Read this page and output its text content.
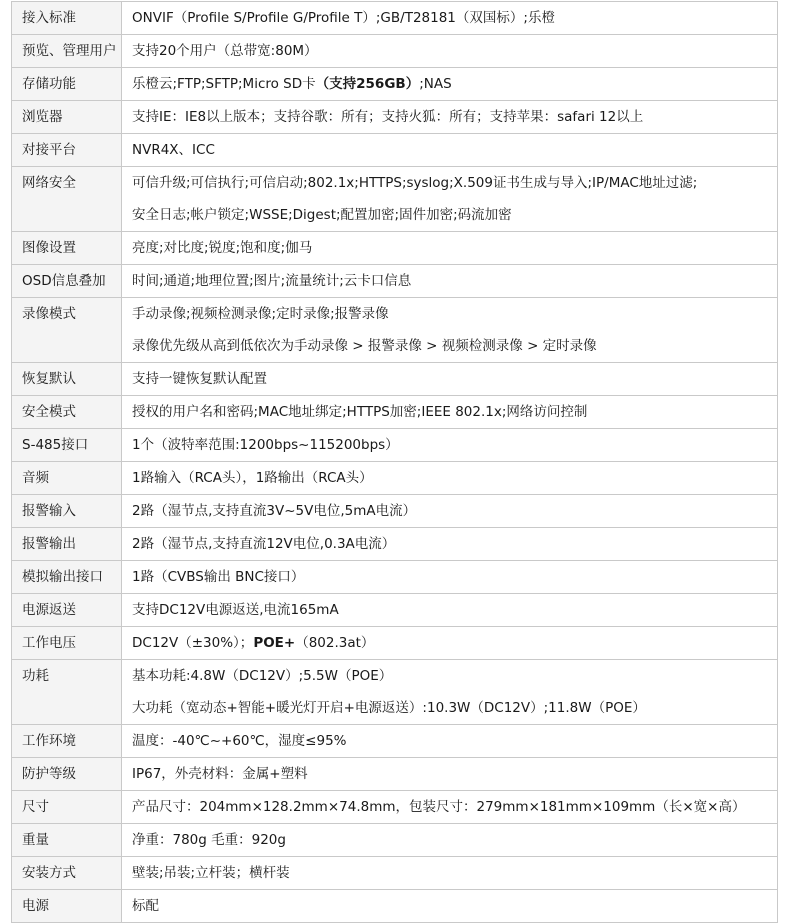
接入标准	ONVIF（Profile S/Profile G/Profile T）;GB/T28181（双国标）;乐橙

预览、管理用户	支持20个用户（总带宽:80M）

存储功能	乐橙云;FTP;SFTP;Micro SD卡（支持256GB）;NAS

浏览器	支持IE：IE8以上版本；支持谷歌：所有；支持火狐：所有；支持苹果：safari 12以上

对接平台	NVR4X、ICC

网络安全	可信升级;可信执行;可信启动;802.1x;HTTPS;syslog;X.509证书生成与导入;IP/MAC地址过滤;
安全日志;帐户锁定;WSSE;Digest;配置加密;固件加密;码流加密

图像设置	亮度;对比度;锐度;饱和度;伽马

OSD信息叠加	时间;通道;地理位置;图片;流量统计;云卡口信息

录像模式	手动录像;视频检测录像;定时录像;报警录像
录像优先级从高到低依次为手动录像 > 报警录像 > 视频检测录像 > 定时录像

恢复默认	支持一键恢复默认配置

安全模式	授权的用户名和密码;MAC地址绑定;HTTPS加密;IEEE 802.1x;网络访问控制

S-485接口	1个（波特率范围:1200bps~115200bps）

音频	1路输入（RCA头），1路输出（RCA头）

报警输入	2路（湿节点,支持直流3V~5V电位,5mA电流）

报警输出	2路（湿节点,支持直流12V电位,0.3A电流）

模拟输出接口	1路（CVBS输出 BNC接口）

电源返送	支持DC12V电源返送,电流165mA

工作电压	DC12V（±30%）；POE+（802.3at）

功耗	基本功耗:4.8W（DC12V）;5.5W（POE）
大功耗（宽动态+智能+暖光灯开启+电源返送）:10.3W（DC12V）;11.8W（POE）

工作环境	温度：-40℃~+60℃，湿度≤95%

防护等级	IP67，外壳材料：金属+塑料

尺寸	产品尺寸：204mm×128.2mm×74.8mm，包装尺寸：279mm×181mm×109mm（长×宽×高）

重量	净重：780g 毛重：920g

安装方式	壁装;吊装;立杆装；横杆装

电源	标配
